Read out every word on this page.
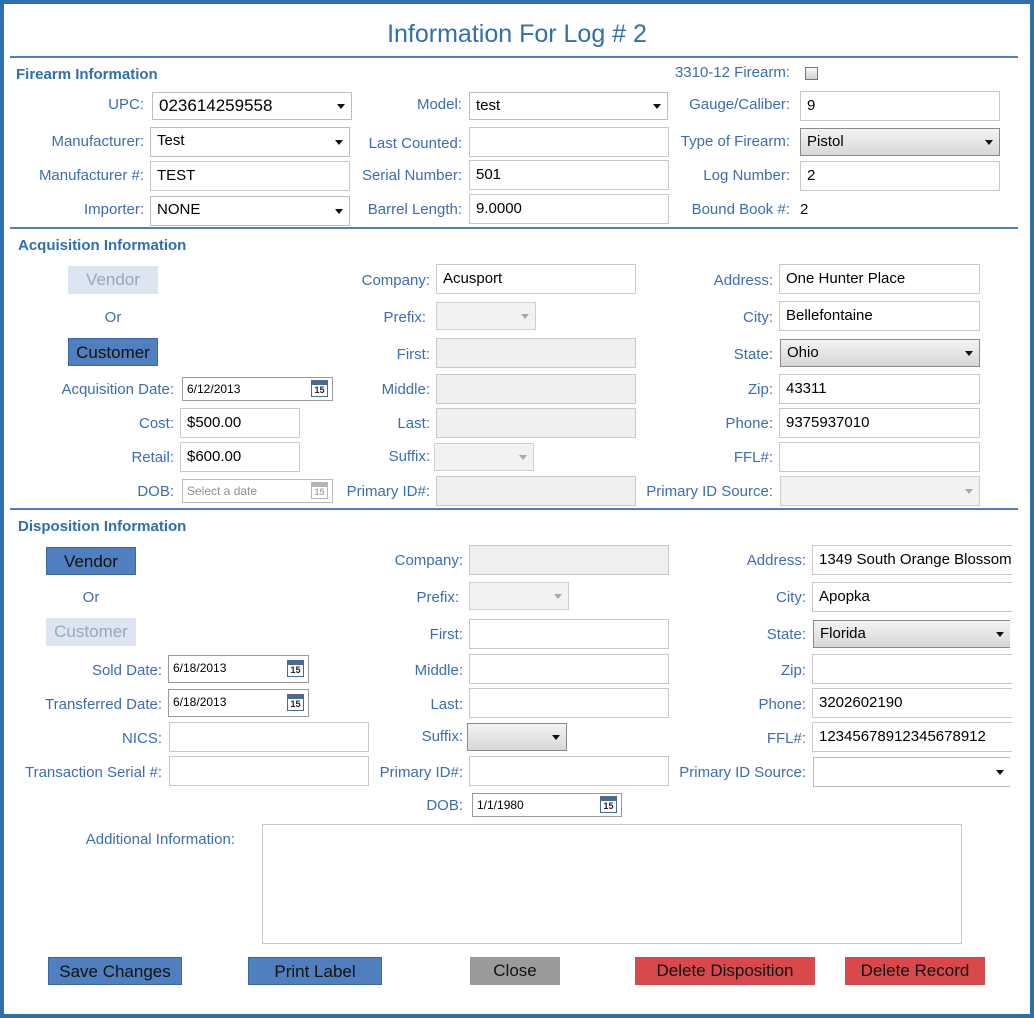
Information For Log # 2
Firearm Information	3310-12 Firearm:
UPC: 023614259558	Model: test	Gauge/Caliber:	9
Manufacturer: Test	Last Counted:	Type of Firearm:	Pistol
Manufacturer #: TEST	Serial Number: 501	Log Number:	2
Importer: NONE	Barrel Length: 9.0000	Bound Book #: 2
Acquisition Information
Vendor
Or
Customer
Acquisition Date:	6/12/2013	15
Cost: $500.00
Retail: $600.00
DOB:	Select a date	15
Company: Acusport
Prefix:
First:
Middle:
Last:
Suffix:
Primary ID#:
Address: One Hunter Place
City: Bellefontaine
State: Ohio
Zip: 43311
Phone: 9375937010
FFL#:
Primary ID Source:
Disposition Information
Vendor
Or
Customer
Sold Date: 6/18/2013	15
Transferred Date: 6/18/2013	15
NICS:
Transaction Serial #:
Company:
Prefix:
First:
Middle:
Last:
Suffix:
Primary ID#:
DOB:	1/1/1980	15
Address: 1349 South Orange Blossom
City: Apopka
State: Florida
Zip:
Phone: 3202602190
FFL#: 12345678912345678912
Primary ID Source:
Additional Information:
Save Changes	Print Label	Close	Delete Disposition	Delete Record
